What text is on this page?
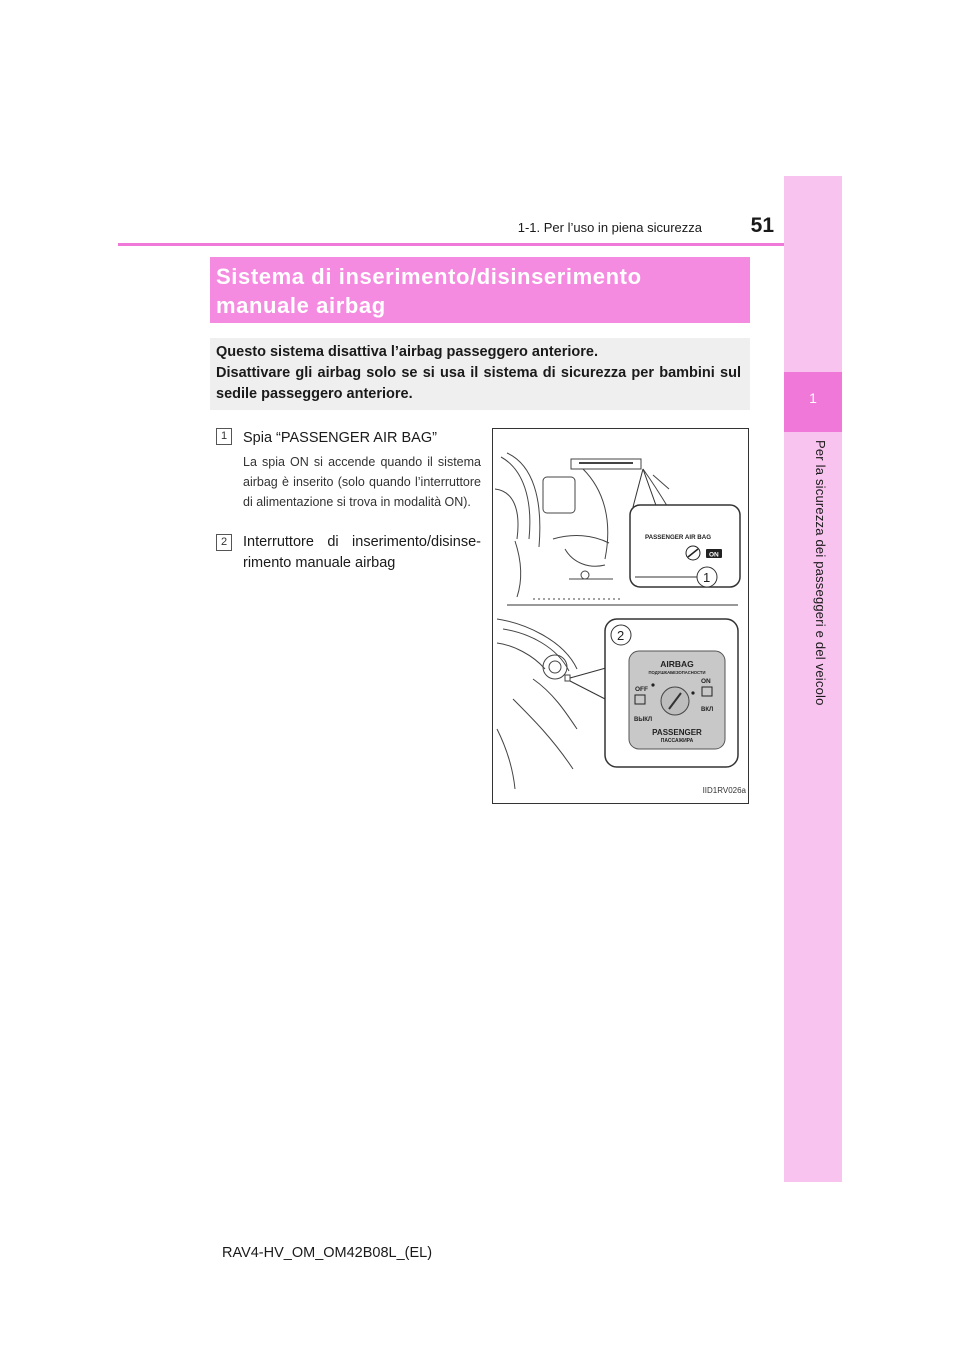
1
Per la sicurezza dei passeggeri e del veicolo
1-1. Per l’uso in piena sicurezza	51
Sistema di inserimento/disinserimento
manuale airbag
Questo sistema disattiva l’airbag passeggero anteriore.
Disattivare gli airbag solo se si usa il sistema di sicurezza per bambini sul sedile passeggero anteriore.
1	Spia “PASSENGER AIR BAG”
La spia ON si accende quando il sistema airbag è inserito (solo quando l’interruttore di alimentazione si trova in modalità ON).
2	Interruttore di inserimento/disinse-rimento manuale airbag
PASSENGER AIR BAG
ON
1
2
AIRBAG
ПОДУШКАБЕЗОПАСНОСТИ
OFF
ВЫКЛ
ON
ВКЛ
PASSENGER
ПАССАЖИРА
IID1RV026a
RAV4-HV_OM_OM42B08L_(EL)
